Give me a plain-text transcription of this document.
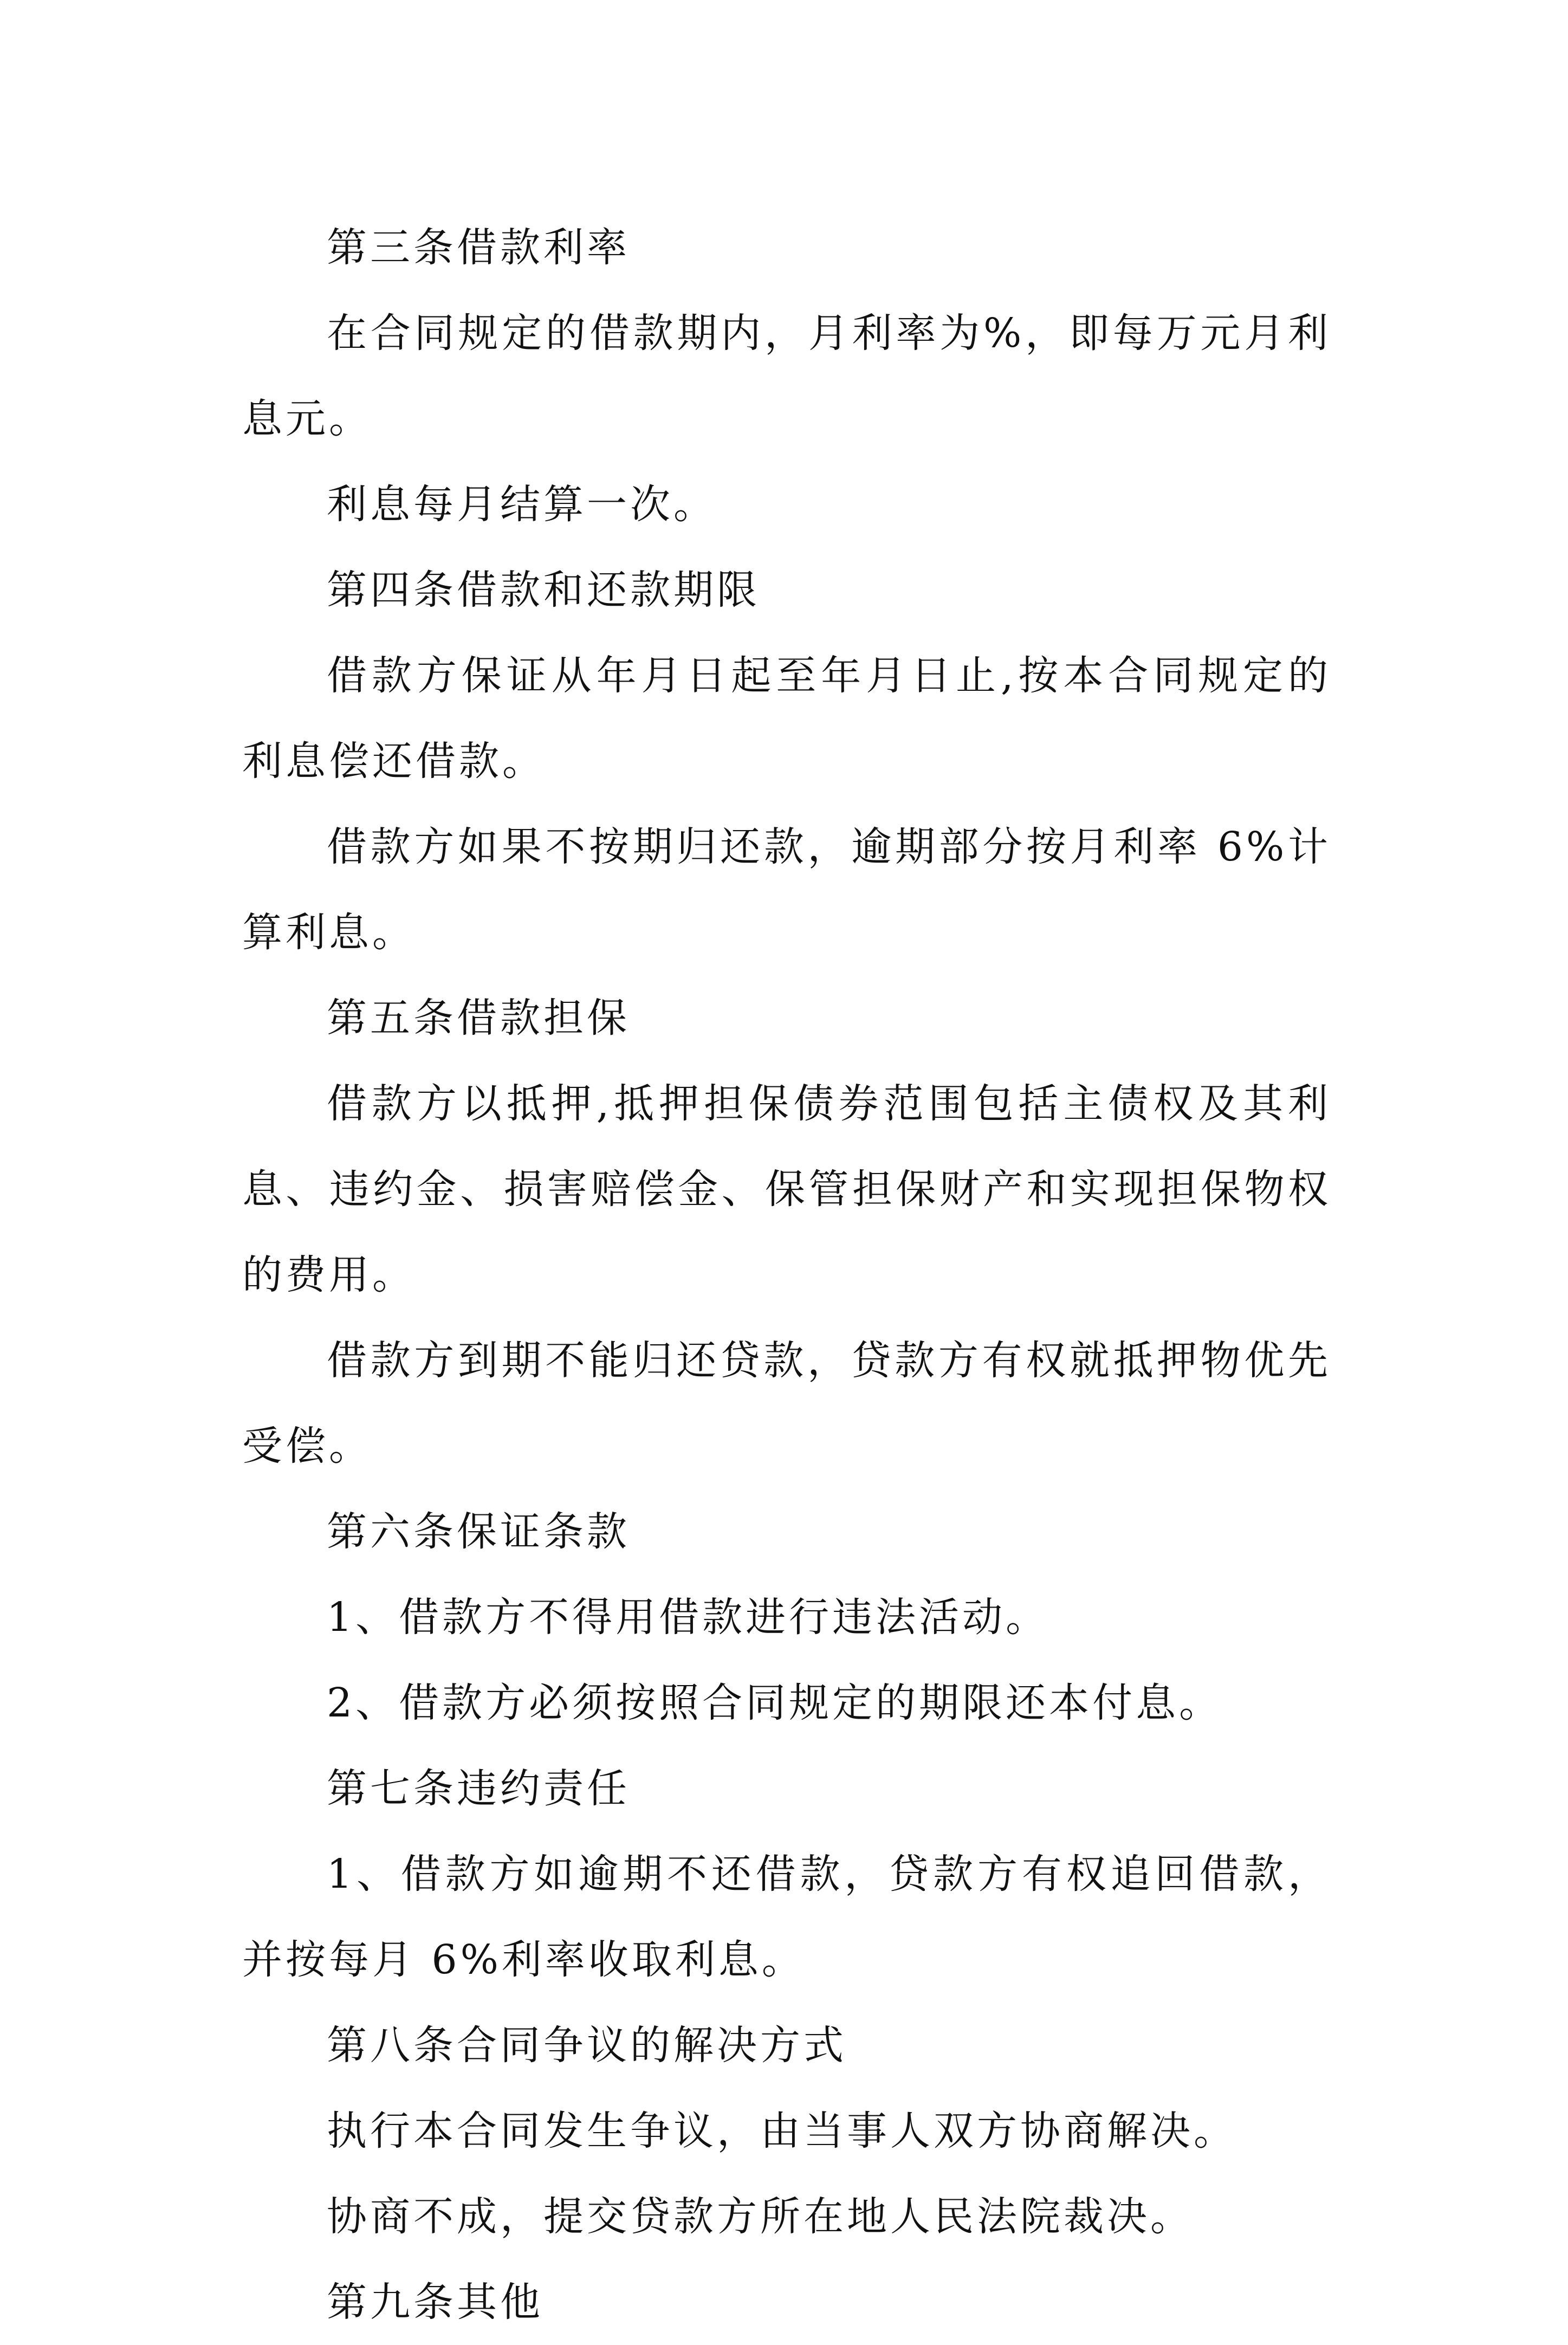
第三条借款利率

在合同规定的借款期内，月利率为%，即每万元月利息元。

利息每月结算一次。

第四条借款和还款期限

借款方保证从年月日起至年月日止,按本合同规定的利息偿还借款。

借款方如果不按期归还款，逾期部分按月利率 6%计算利息。

第五条借款担保

借款方以抵押,抵押担保债券范围包括主债权及其利息、违约金、损害赔偿金、保管担保财产和实现担保物权的费用。

借款方到期不能归还贷款，贷款方有权就抵押物优先受偿。

第六条保证条款

1、借款方不得用借款进行违法活动。

2、借款方必须按照合同规定的期限还本付息。

第七条违约责任

1、借款方如逾期不还借款，贷款方有权追回借款，并按每月 6%利率收取利息。

第八条合同争议的解决方式

执行本合同发生争议，由当事人双方协商解决。

协商不成，提交贷款方所在地人民法院裁决。

第九条其他
